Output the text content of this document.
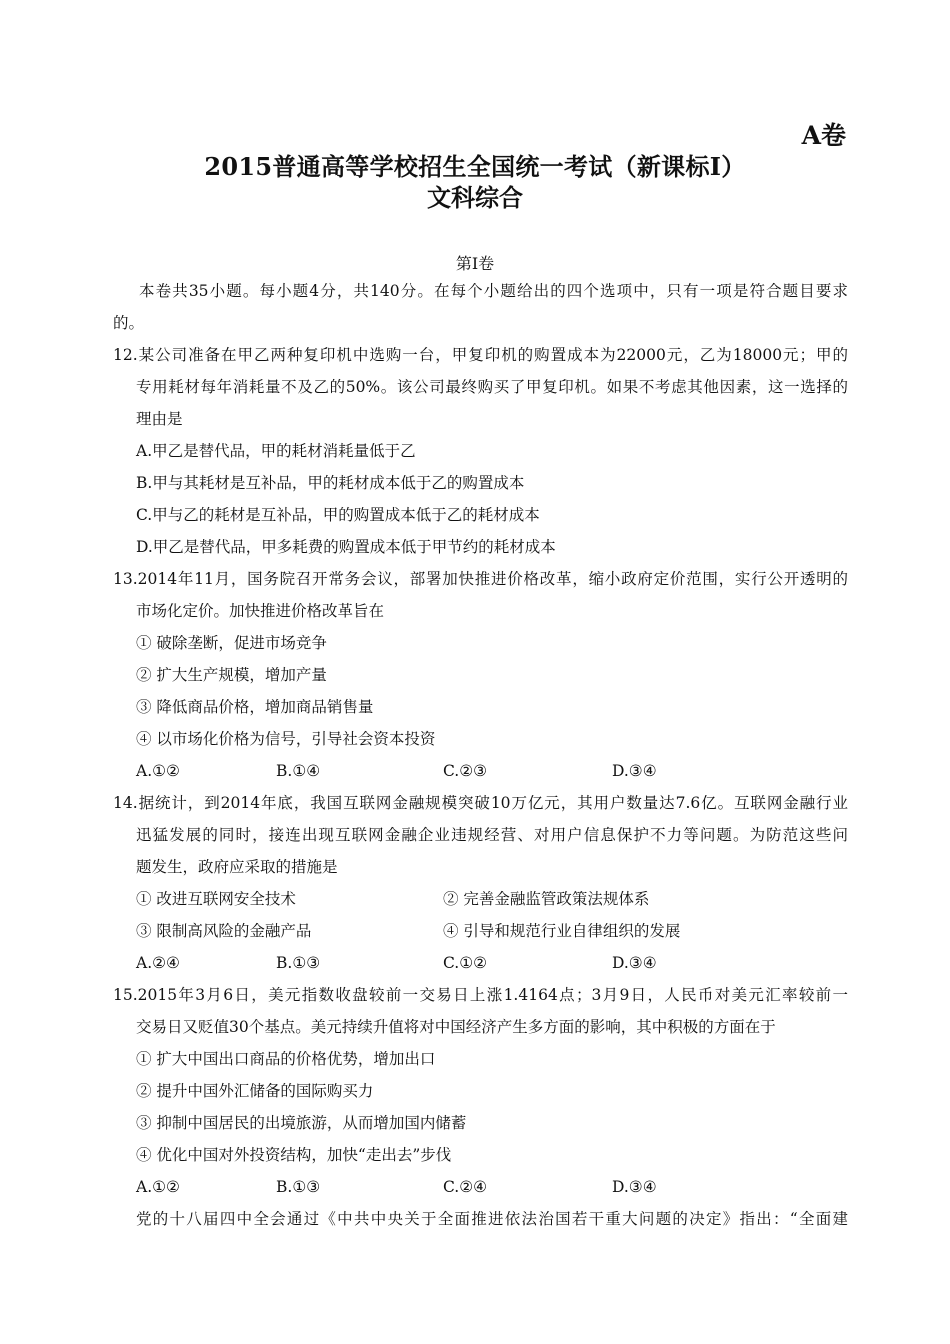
A卷
2015普通高等学校招生全国统一考试（新课标Ⅰ）
文科综合
第Ⅰ卷
本卷共35小题。每小题4分，共140分。在每个小题给出的四个选项中，只有一项是符合题目要求
的。
12.某公司准备在甲乙两种复印机中选购一台，甲复印机的购置成本为22000元，乙为18000元；甲的
专用耗材每年消耗量不及乙的50%。该公司最终购买了甲复印机。如果不考虑其他因素，这一选择的
理由是
A.甲乙是替代品，甲的耗材消耗量低于乙
B.甲与其耗材是互补品，甲的耗材成本低于乙的购置成本
C.甲与乙的耗材是互补品，甲的购置成本低于乙的耗材成本
D.甲乙是替代品，甲多耗费的购置成本低于甲节约的耗材成本
13.2014年11月，国务院召开常务会议，部署加快推进价格改革，缩小政府定价范围，实行公开透明的
市场化定价。加快推进价格改革旨在
① 破除垄断，促进市场竞争
② 扩大生产规模，增加产量
③ 降低商品价格，增加商品销售量
④ 以市场化价格为信号，引导社会资本投资
A.①②	B.①④	C.②③	D.③④
14.据统计，到2014年底，我国互联网金融规模突破10万亿元，其用户数量达7.6亿。互联网金融行业
迅猛发展的同时，接连出现互联网金融企业违规经营、对用户信息保护不力等问题。为防范这些问
题发生，政府应采取的措施是
① 改进互联网安全技术	② 完善金融监管政策法规体系
③ 限制高风险的金融产品	④ 引导和规范行业自律组织的发展
A.②④	B.①③	C.①②	D.③④
15.2015年3月6日，美元指数收盘较前一交易日上涨1.4164点；3月9日，人民币对美元汇率较前一
交易日又贬值30个基点。美元持续升值将对中国经济产生多方面的影响，其中积极的方面在于
① 扩大中国出口商品的价格优势，增加出口
② 提升中国外汇储备的国际购买力
③ 抑制中国居民的出境旅游，从而增加国内储蓄
④ 优化中国对外投资结构，加快“走出去”步伐
A.①②	B.①③	C.②④	D.③④
党的十八届四中全会通过《中共中央关于全面推进依法治国若干重大问题的决定》指出：“全面建
